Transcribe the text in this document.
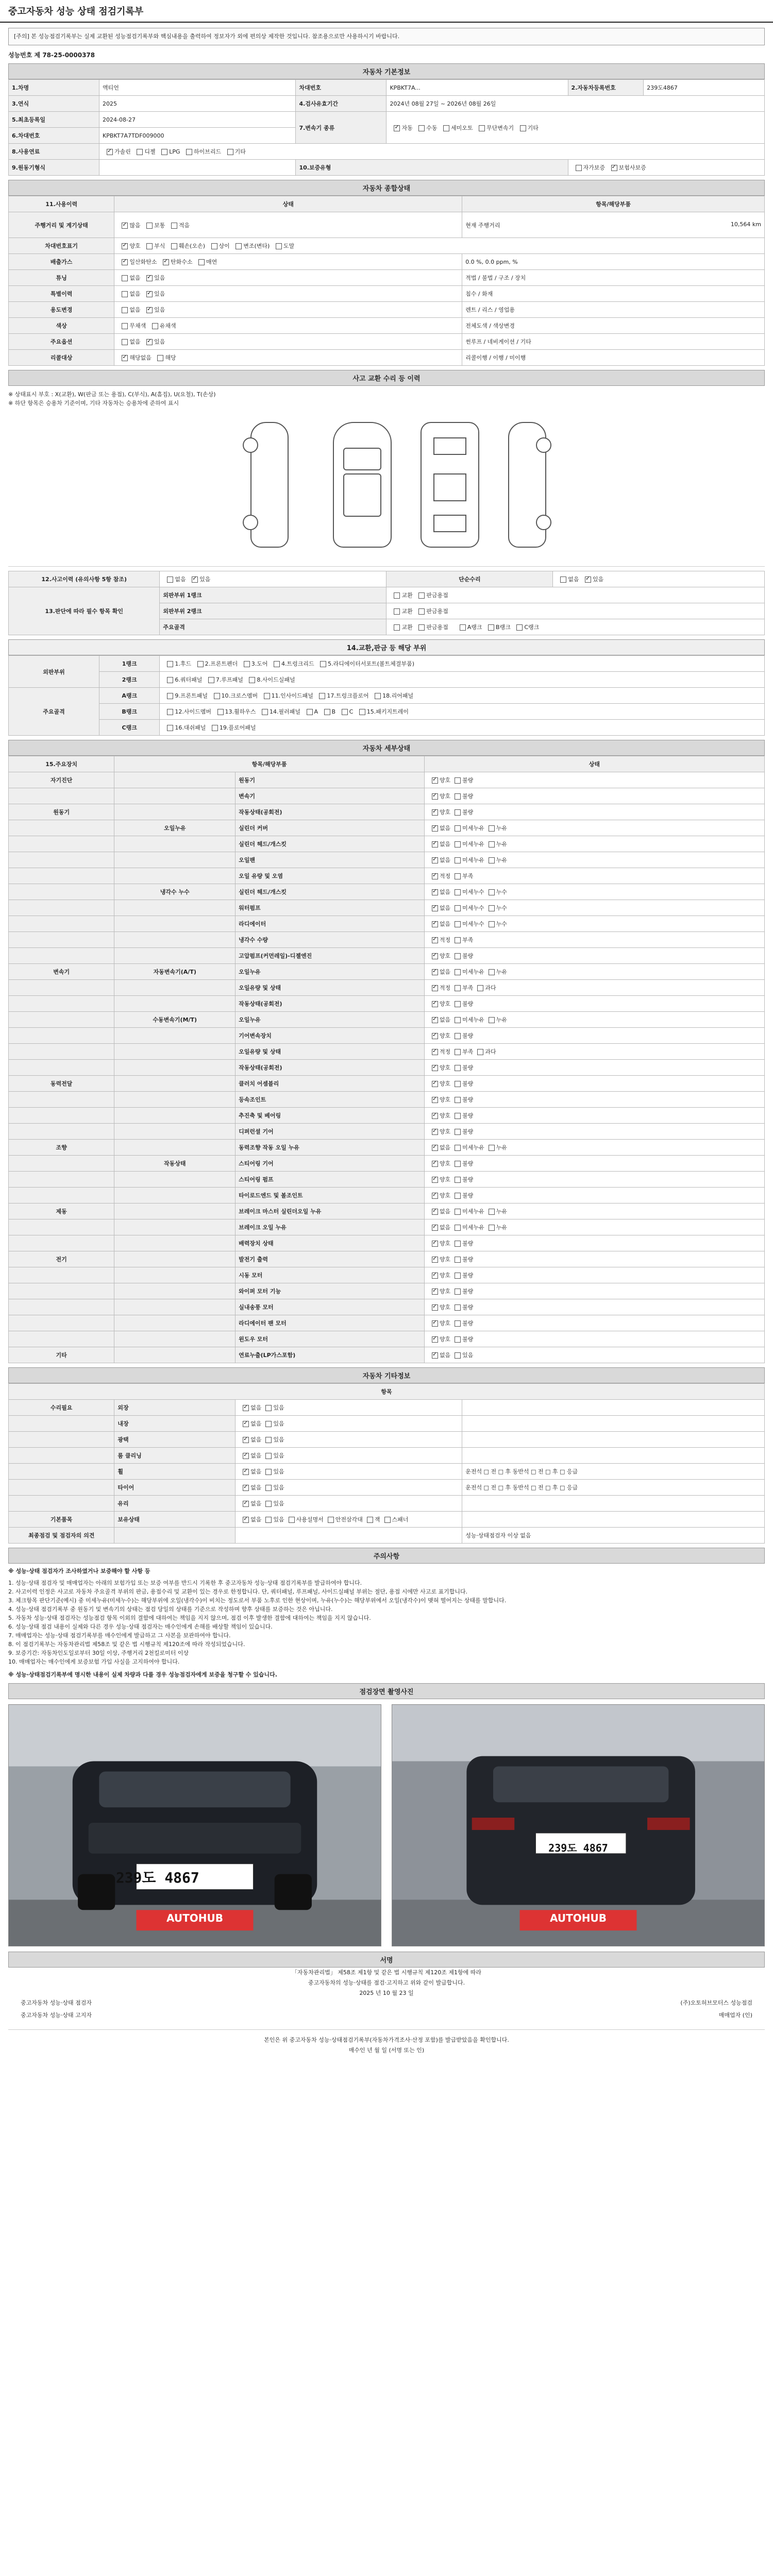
중고자동차 성능 상태 점검기록부
[주의] 본 성능점검기록부는 실제 교환된 성능점검기록부와 핵심내용을 출력하여 정보자가 외에 편의상 제작한 것입니다. 참조용으로만 사용하시기 바랍니다.
성능번호 제 78-25-0000378
자동차 기본정보
1.차명	액티언	차대번호	KPBKT7A...	2.자동차등록번호	239도4867
3.연식	2025	4.검사유효기간	2024년 08월 27일 ~ 2026년 08월 26일		
5.최초등록일	2024-08-27	7.변속기 종류	✓자동 수동 세미오토 무단변속기 기타
6.차대번호	KPBKT7A7TDF009000				
8.사용연료	✓가솔린 디젤 LPG 하이브리드 기타
9.원동기형식		10.보증유형		자가보증 ✓ 보험사보증
자동차 종합상태
11.사용이력	상태	항목/해당부품
주행거리 및 계기상태	✓많음 보통 적음	현재 주행거리 10,564 km

차대번호표기	✓양호 부식 훼손(오손) 상이 변조(변타) 도말
배출가스	✓일산화탄소 ✓ 탄화수소 매연	0.0 %, 0.0 ppm, %
튜닝	없음 ✓ 있음	적법 / 불법 / 구조 / 장치
특별이력	없음 ✓ 있음	침수 / 화재
용도변경	없음 ✓ 있음	렌트 / 리스 / 영업용
색상	무채색 유채색	전체도색 / 색상변경
주요옵션	없음 ✓ 있음	썬루프 / 네비게이션 / 기타
리콜대상	✓해당없음 해당	리콜이행 / 이행 / 미이행
사고 교환 수리 등 이력
※ 상태표시 부호 : X(교환), W(판금 또는 용접), C(부식), A(흠집), U(요철), T(손상)
※ 하단 항목은 승용차 기준이며, 기타 자동차는 승용차에 준하여 표시
12.사고이력 (유의사항 5항 참조)	없음 ✓ 있음	단순수리	없음 ✓ 있음
13.판단에 따라 필수 항목 확인	외판부위 1랭크	교환 판금용접	
	외판부위 2랭크	교환 판금용접	
	주요골격	교환 판금용접 A랭크 B랭크 C랭크	
14.교환,판금 등 해당 부위
외판부위	1랭크	1.후드 2.프론트펜더 3.도어 4.트렁크리드 5.라디에이터서포트(볼트체결부품)
	2랭크	6.쿼터패널 7.루프패널 8.사이드실패널
주요골격	A랭크	9.프론트패널 10.크로스멤버 11.인사이드패널 17.트렁크플로어 18.리어패널
	B랭크	12.사이드멤버 13.휠하우스 14.필러패널 A B C 15.패키지트레이
	C랭크	16.대쉬패널 19.플로어패널
자동차 세부상태
15.주요장치	항목/해당부품		상태
자기진단		원동기	✓양호 불량
		변속기	✓양호 불량
원동기		작동상태(공회전)	✓양호 불량
	오일누유	실린더 커버	✓없음 미세누유 누유
		실린더 헤드/개스킷	✓없음 미세누유 누유
		오일팬	✓없음 미세누유 누유
		오일 유량 및 오염	✓적정 부족
	냉각수 누수	실린더 헤드/개스킷	✓없음 미세누수 누수
		워터펌프	✓없음 미세누수 누수
		라디에이터	✓없음 미세누수 누수
		냉각수 수량	✓적정 부족
		고압펌프(커먼레일)-디젤엔진	✓양호 불량
변속기	자동변속기(A/T)	오일누유	✓없음 미세누유 누유
		오일유량 및 상태	✓적정 부족 과다
		작동상태(공회전)	✓양호 불량
	수동변속기(M/T)	오일누유	✓없음 미세누유 누유
		기어변속장치	✓양호 불량
		오일유량 및 상태	✓적정 부족 과다
		작동상태(공회전)	✓양호 불량
동력전달		클러치 어셈블리	✓양호 불량
		등속조인트	✓양호 불량
		추진축 및 베어링	✓양호 불량
		디퍼런셜 기어	✓양호 불량
조향		동력조향 작동 오일 누유	✓없음 미세누유 누유
	작동상태	스티어링 기어	✓양호 불량
		스티어링 펌프	✓양호 불량
		타이로드엔드 및 볼조인트	✓양호 불량
제동		브레이크 마스터 실린더오일 누유	✓없음 미세누유 누유
		브레이크 오일 누유	✓없음 미세누유 누유
		배력장치 상태	✓양호 불량
전기		발전기 출력	✓양호 불량
		시동 모터	✓양호 불량
		와이퍼 모터 기능	✓양호 불량
		실내송풍 모터	✓양호 불량
		라디에이터 팬 모터	✓양호 불량
		윈도우 모터	✓양호 불량
기타		연료누출(LP가스포함)	✓없음 있음
자동차 기타정보
항목			
수리필요	외장	✓없음 있음	
	내장	✓없음 있음	
	광택	✓없음 있음	
	룸 클리닝	✓없음 있음	
	휠	✓없음 있음	운전석 □ 전 □ 후 동반석 □ 전 □ 후 □ 응급
	타이어	✓없음 있음	운전석 □ 전 □ 후 동반석 □ 전 □ 후 □ 응급
	유리	✓없음 있음	
기본품목	보유상태	✓없음 있음 사용설명서 안전삼각대 잭 스패너	
최종점검 및 점검자의 의견			성능·상태점검자 이상 없음
주의사항
※ 성능·상태 점검자가 조사하였거나 보증해야 할 사항 등
1. 성능·상태 점검자 및 매매업자는 아래의 보험가입 또는 보증 여부를 반드시 기록한 후 중고자동차 성능·상태 점검기록부를 발급하여야 합니다.
2. 사고이력 인정은 사고로 자동차 주요골격 부위의 판금, 용접수리 및 교환이 있는 경우로 한정합니다. 단, 쿼터패널, 루프패널, 사이드실패널 부위는 절단, 용접 시에만 사고로 표기합니다.
3. 체크항목 판단기준(예시) 중 미세누유(미세누수)는 해당부위에 오일(냉각수)이 비치는 정도로서 부품 노후로 인한 현상이며, 누유(누수)는 해당부위에서 오일(냉각수)이 맺혀 떨어지는 상태를 말합니다.
4. 성능·상태 점검기록부 중 원동기 및 변속기의 상태는 점검 당일의 상태를 기준으로 작성하며 향후 상태를 보증하는 것은 아닙니다.
5. 자동차 성능·상태 점검자는 성능점검 항목 이외의 결함에 대하여는 책임을 지지 않으며, 점검 이후 발생한 결함에 대하여는 책임을 지지 않습니다.
6. 성능·상태 점검 내용이 실제와 다른 경우 성능·상태 점검자는 매수인에게 손해를 배상할 책임이 있습니다.
7. 매매업자는 성능·상태 점검기록부를 매수인에게 발급하고 그 사본을 보관하여야 합니다.
8. 이 점검기록부는 자동차관리법 제58조 및 같은 법 시행규칙 제120조에 따라 작성되었습니다.
9. 보증기간: 자동차인도일로부터 30일 이상, 주행거리 2천킬로미터 이상
10. 매매업자는 매수인에게 보증보험 가입 사실을 고지하여야 합니다.
※ 성능·상태점검기록부에 명시한 내용이 실제 차량과 다를 경우 성능점검자에게 보증을 청구할 수 있습니다.
점검장면 촬영사진
239도 4867
AUTOHUB
239도 4867
AUTOHUB
서명
「자동차관리법」 제58조 제1항 및 같은 법 시행규칙 제120조 제1항에 따라
중고자동차의 성능·상태를 점검·고지하고 위와 같이 발급합니다.
2025 년 10 월 23 일
중고자동차 성능·상태 점검자	(주)오토허브모터스 성능점검
중고자동차 성능·상태 고지자	매매업자 (인)
본인은 위 중고자동차 성능·상태점검기록부(자동차가격조사·산정 포함)를 발급받았음을 확인합니다.
매수인 년 월 일 (서명 또는 인)
